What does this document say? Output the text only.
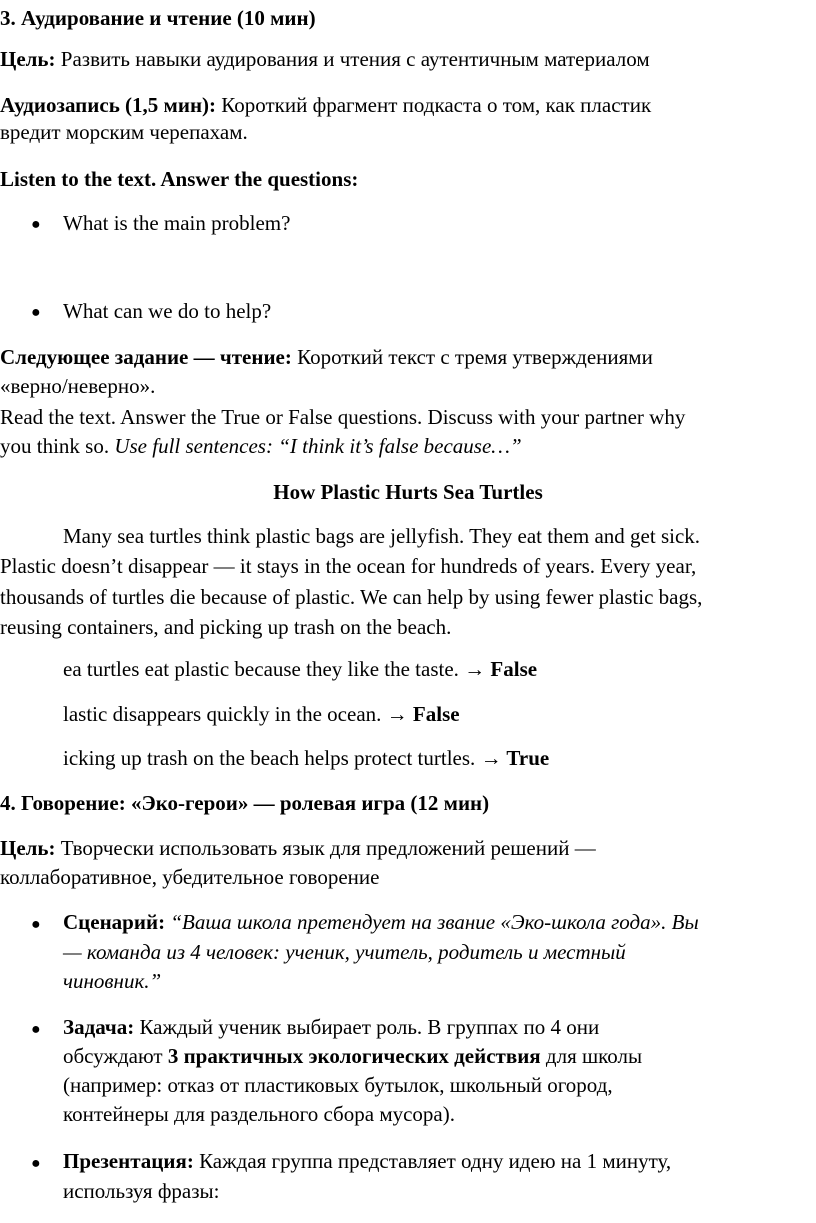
3. Аудирование и чтение (10 мин)
Цель: Развить навыки аудирования и чтения с аутентичным материалом
Аудиозапись (1,5 мин): Короткий фрагмент подкаста о том, как пластик
вредит морским черепахам.
Listen to the text. Answer the questions:
● What is the main problem?
● What can we do to help?
Следующее задание — чтение: Короткий текст с тремя утверждениями
«верно/неверно».
Read the text. Answer the True or False questions. Discuss with your partner why
you think so. Use full sentences: “I think it’s false because…”
How Plastic Hurts Sea Turtles
Many sea turtles think plastic bags are jellyfish. They eat them and get sick.
Plastic doesn’t disappear — it stays in the ocean for hundreds of years. Every year,
thousands of turtles die because of plastic. We can help by using fewer plastic bags,
reusing containers, and picking up trash on the beach.
ea turtles eat plastic because they like the taste. → False
lastic disappears quickly in the ocean. → False
icking up trash on the beach helps protect turtles. → True
4. Говорение: «Эко-герои» — ролевая игра (12 мин)
Цель: Творчески использовать язык для предложений решений —
коллаборативное, убедительное говорение
● Сценарий: “Ваша школа претендует на звание «Эко-школа года». Вы
— команда из 4 человек: ученик, учитель, родитель и местный
чиновник.”
● Задача: Каждый ученик выбирает роль. В группах по 4 они
обсуждают 3 практичных экологических действия для школы
(например: отказ от пластиковых бутылок, школьный огород,
контейнеры для раздельного сбора мусора).
● Презентация: Каждая группа представляет одну идею на 1 минуту,
используя фразы:
